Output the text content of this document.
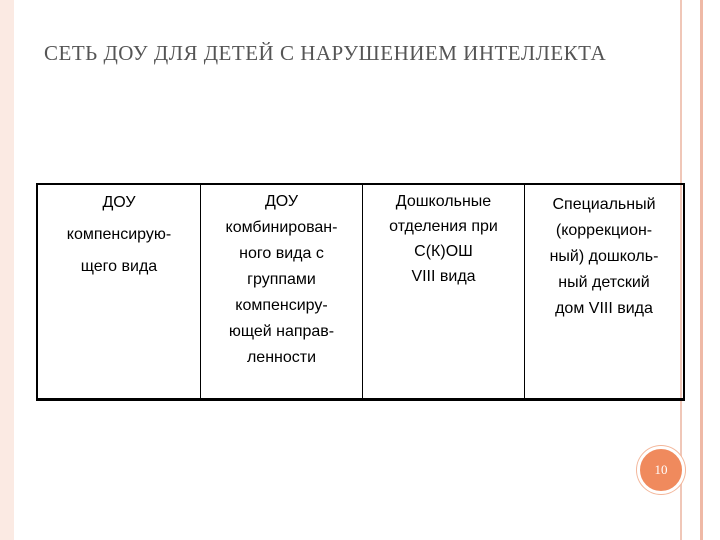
СЕТЬ ДОУ ДЛЯ ДЕТЕЙ С НАРУШЕНИЕМ ИНТЕЛЛЕКТА
ДОУ
компенсирую-
щего вида
ДОУ
комбинирован-
ного вида с
группами
компенсиру-
ющей направ-
ленности
Дошкольные
отделения при
С(К)ОШ
VIII вида
Специальный
(коррекцион-
ный) дошколь-
ный детский
дом VIII вида
10
